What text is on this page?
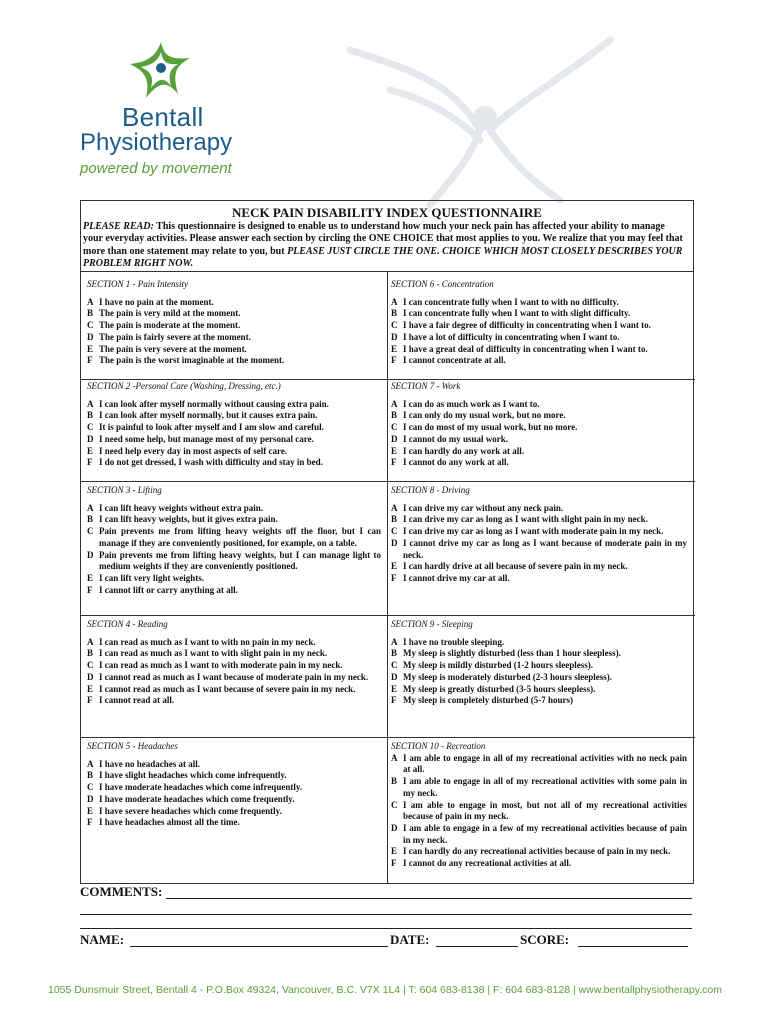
Bentall
Physiotherapy
powered by movement
NECK PAIN DISABILITY INDEX QUESTIONNAIRE
PLEASE READ: This questionnaire is designed to enable us to understand how much your neck pain has affected your ability to manage your everyday activities. Please answer each section by circling the ONE CHOICE that most applies to you. We realize that you may feel that more than one statement may relate to you, but PLEASE JUST CIRCLE THE ONE. CHOICE WHICH MOST CLOSELY DESCRIBES YOUR PROBLEM RIGHT NOW.
SECTION 1 - Pain Intensity
A I have no pain at the moment.
B The pain is very mild at the moment.
C The pain is moderate at the moment.
D The pain is fairly severe at the moment.
E The pain is very severe at the moment.
F The pain is the worst imaginable at the moment.
SECTION 2 -Personal Care (Washing, Dressing, etc.)
A I can look after myself normally without causing extra pain.
B I can look after myself normally, but it causes extra pain.
C It is painful to look after myself and I am slow and careful.
D I need some help, but manage most of my personal care.
E I need help every day in most aspects of self care.
F I do not get dressed, I wash with difficulty and stay in bed.
SECTION 3 - Lifting
A I can lift heavy weights without extra pain.
B I can lift heavy weights, but it gives extra pain.
C Pain prevents me from lifting heavy weights off the floor, but I can manage if they are conveniently positioned, for example, on a table.
D Pain prevents me from lifting heavy weights, but I can manage light to medium weights if they are conveniently positioned.
E I can lift very light weights.
F I cannot lift or carry anything at all.
SECTION 4 - Reading
A I can read as much as I want to with no pain in my neck.
B I can read as much as I want to with slight pain in my neck.
C I can read as much as I want to with moderate pain in my neck.
D I cannot read as much as I want because of moderate pain in my neck.
E I cannot read as much as I want because of severe pain in my neck.
F I cannot read at all.
SECTION 5 - Headaches
A I have no headaches at all.
B I have slight headaches which come infrequently.
C I have moderate headaches which come infrequently.
D I have moderate headaches which come frequently.
E I have severe headaches which come frequently.
F I have headaches almost all the time.
SECTION 6 - Concentration
A I can concentrate fully when I want to with no difficulty.
B I can concentrate fully when I want to with slight difficulty.
C I have a fair degree of difficulty in concentrating when I want to.
D I have a lot of difficulty in concentrating when I want to.
E I have a great deal of difficulty in concentrating when I want to.
F I cannot concentrate at all.
SECTION 7 - Work
A I can do as much work as I want to.
B I can only do my usual work, but no more.
C I can do most of my usual work, but no more.
D I cannot do my usual work.
E I can hardly do any work at all.
F I cannot do any work at all.
SECTION 8 - Driving
A I can drive my car without any neck pain.
B I can drive my car as long as I want with slight pain in my neck.
C I can drive my car as long as I want with moderate pain in my neck.
D I cannot drive my car as long as I want because of moderate pain in my neck.
E I can hardly drive at all because of severe pain in my neck.
F I cannot drive my car at all.
SECTION 9 - Sleeping
A I have no trouble sleeping.
B My sleep is slightly disturbed (less than 1 hour sleepless).
C My sleep is mildly disturbed (1-2 hours sleepless).
D My sleep is moderately disturbed (2-3 hours sleepless).
E My sleep is greatly disturbed (3-5 hours sleepless).
F My sleep is completely disturbed (5-7 hours)
SECTION 10 - Recreation
A I am able to engage in all of my recreational activities with no neck pain at all.
B I am able to engage in all of my recreational activities with some pain in my neck.
C I am able to engage in most, but not all of my recreational activities because of pain in my neck.
D I am able to engage in a few of my recreational activities because of pain in my neck.
E I can hardly do any recreational activities because of pain in my neck.
F I cannot do any recreational activities at all.
COMMENTS:
NAME:	DATE:	SCORE:
1055 Dunsmuir Street, Bentall 4 - P.O.Box 49324, Vancouver, B.C. V7X 1L4 | T: 604 683-8138 | F: 604 683-8128 | www.bentallphysiotherapy.com
